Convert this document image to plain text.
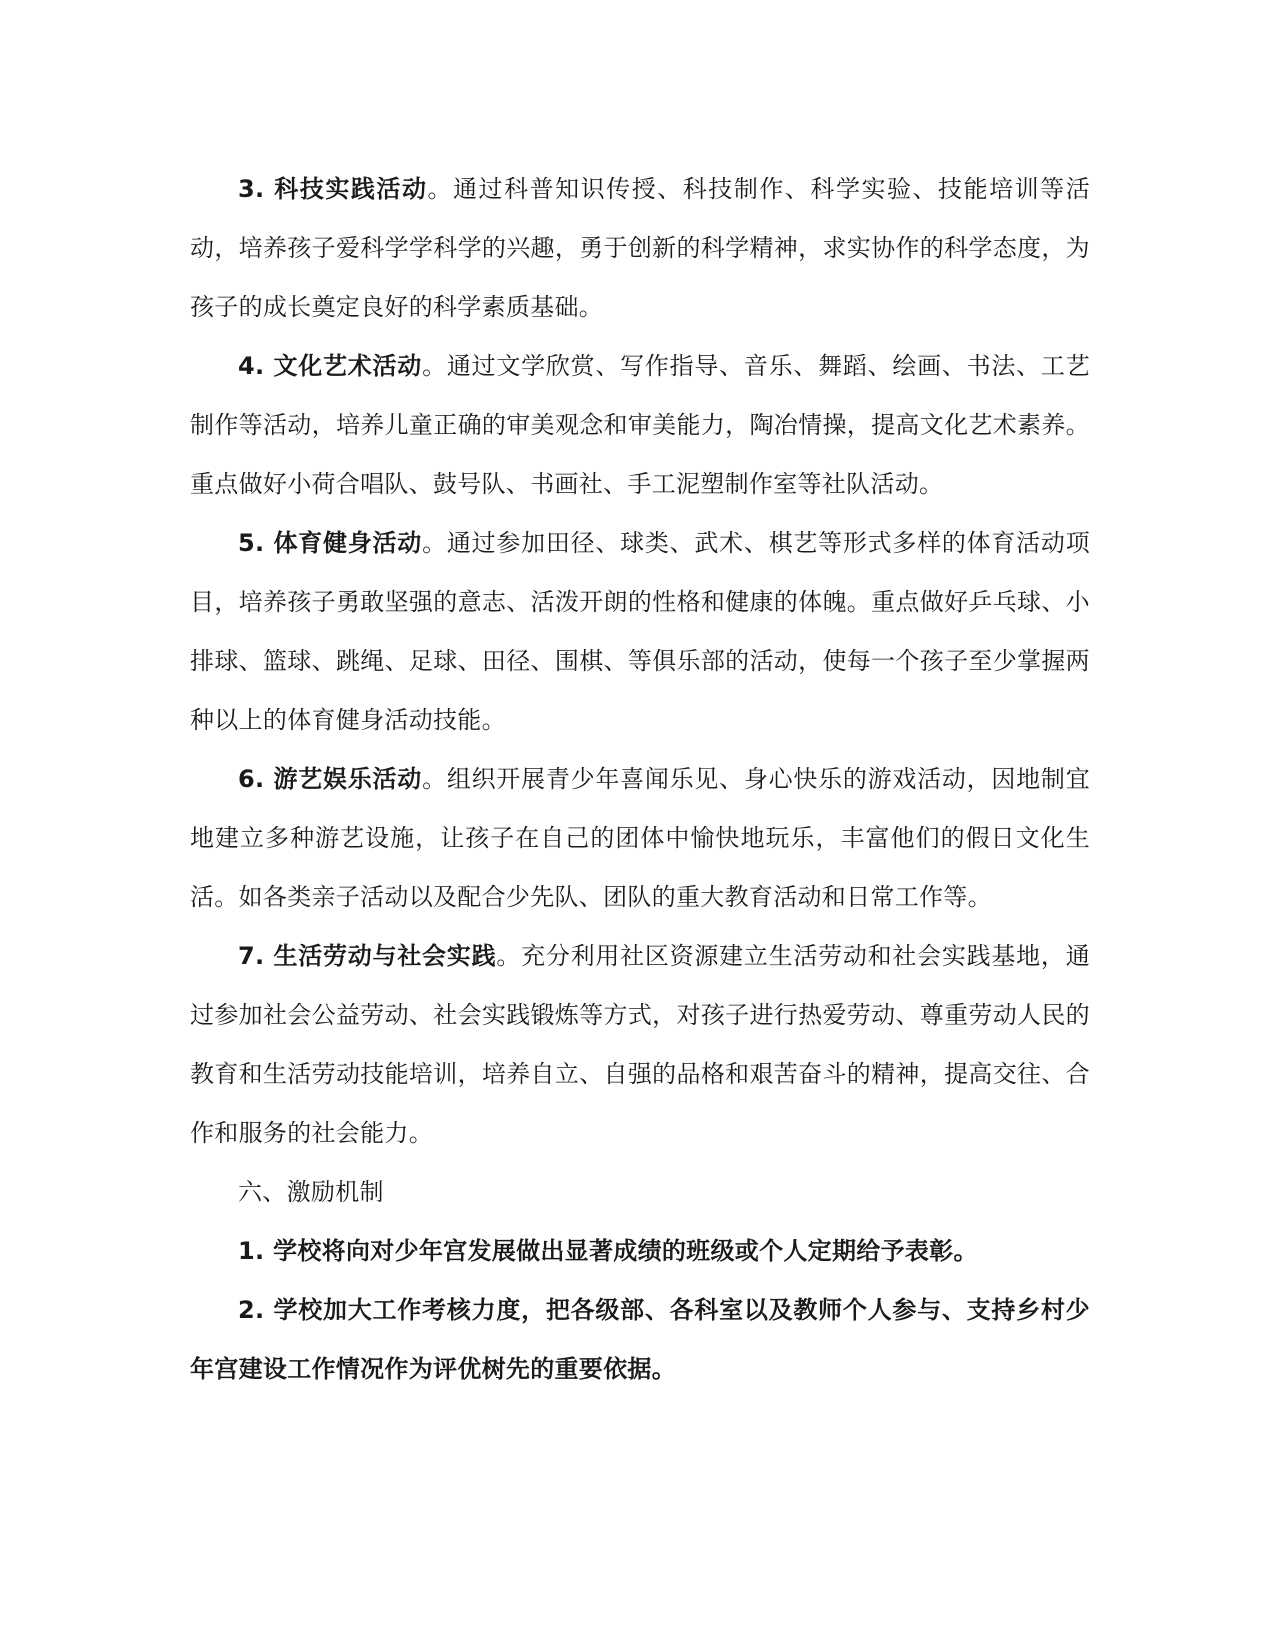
3. 科技实践活动。通过科普知识传授、科技制作、科学实验、技能培训等活动，培养孩子爱科学学科学的兴趣，勇于创新的科学精神，求实协作的科学态度，为孩子的成长奠定良好的科学素质基础。

4. 文化艺术活动。通过文学欣赏、写作指导、音乐、舞蹈、绘画、书法、工艺制作等活动，培养儿童正确的审美观念和审美能力，陶冶情操，提高文化艺术素养。重点做好小荷合唱队、鼓号队、书画社、手工泥塑制作室等社队活动。

5. 体育健身活动。通过参加田径、球类、武术、棋艺等形式多样的体育活动项目，培养孩子勇敢坚强的意志、活泼开朗的性格和健康的体魄。重点做好乒乓球、小排球、篮球、跳绳、足球、田径、围棋、等俱乐部的活动，使每一个孩子至少掌握两种以上的体育健身活动技能。

6. 游艺娱乐活动。组织开展青少年喜闻乐见、身心快乐的游戏活动，因地制宜地建立多种游艺设施，让孩子在自己的团体中愉快地玩乐，丰富他们的假日文化生活。如各类亲子活动以及配合少先队、团队的重大教育活动和日常工作等。

7. 生活劳动与社会实践。充分利用社区资源建立生活劳动和社会实践基地，通过参加社会公益劳动、社会实践锻炼等方式，对孩子进行热爱劳动、尊重劳动人民的教育和生活劳动技能培训，培养自立、自强的品格和艰苦奋斗的精神，提高交往、合作和服务的社会能力。

六、激励机制

1. 学校将向对少年宫发展做出显著成绩的班级或个人定期给予表彰。

2. 学校加大工作考核力度，把各级部、各科室以及教师个人参与、支持乡村少年宫建设工作情况作为评优树先的重要依据。
